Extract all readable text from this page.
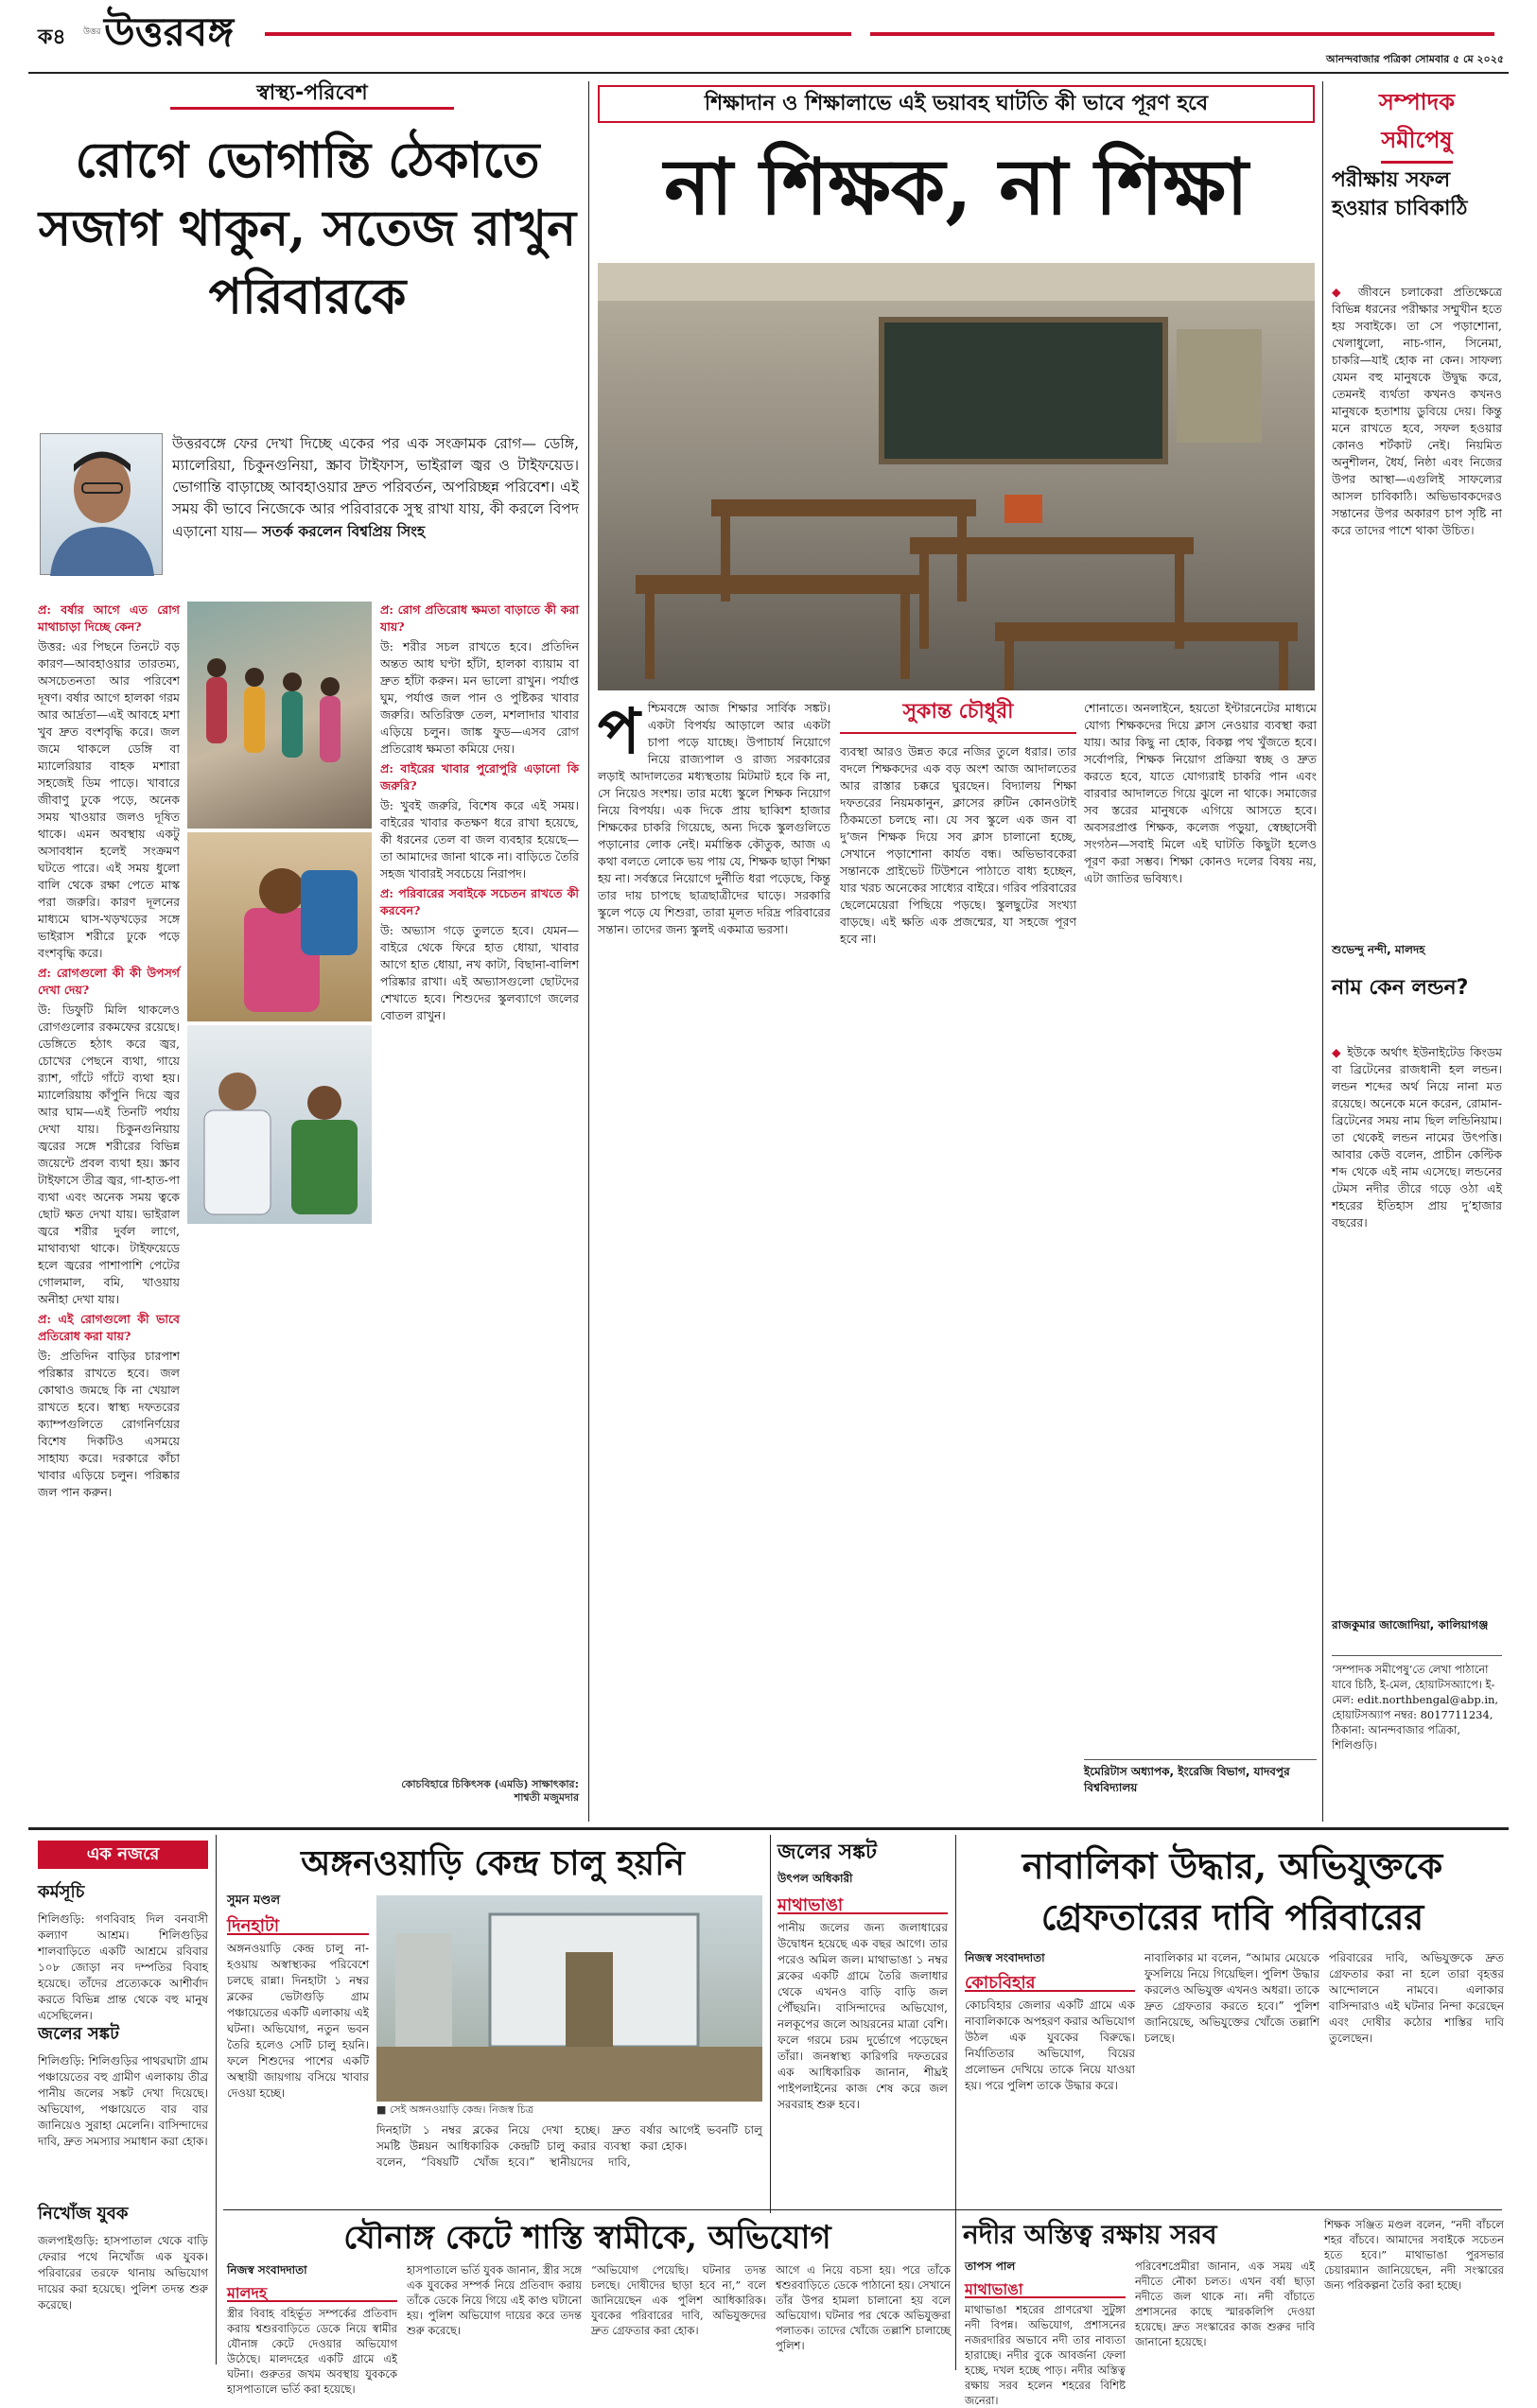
ক৪ উত্তর উত্তরবঙ্গ
আনন্দবাজার পত্রিকা সোমবার ৫ মে ২০২৫
স্বাস্থ্য-পরিবেশ
রোগে ভোগান্তি ঠেকাতে সজাগ থাকুন, সতেজ রাখুন পরিবারকে
উত্তরবঙ্গে ফের দেখা দিচ্ছে একের পর এক সংক্রামক রোগ— ডেঙ্গি, ম্যালেরিয়া, চিকুনগুনিয়া, স্ক্রাব টাইফাস, ভাইরাল জ্বর ও টাইফয়েড। ভোগান্তি বাড়াচ্ছে আবহাওয়ার দ্রুত পরিবর্তন, অপরিচ্ছন্ন পরিবেশ। এই সময় কী ভাবে নিজেকে আর পরিবারকে সুস্থ রাখা যায়, কী করলে বিপদ এড়ানো যায়— সতর্ক করলেন বিশ্বপ্রিয় সিংহ

প্র: বর্ষার আগে এত রোগ মাথাচাড়া দিচ্ছে কেন?

উত্তর: এর পিছনে তিনটে বড় কারণ—আবহাওয়ার তারতম্য, অসচেতনতা আর পরিবেশ দূষণ। বর্ষার আগে হালকা গরম আর আর্দ্রতা—এই আবহে মশা খুব দ্রুত বংশবৃদ্ধি করে। জল জমে থাকলে ডেঙ্গি বা ম্যালেরিয়ার বাহক মশারা সহজেই ডিম পাড়ে। খাবারে জীবাণু ঢুকে পড়ে, অনেক সময় খাওয়ার জলও দূষিত থাকে। এমন অবস্থায় একটু অসাবধান হলেই সংক্রমণ ঘটতে পারে। এই সময় ধুলো বালি থেকে রক্ষা পেতে মাস্ক পরা জরুরি। কারণ দূলনের মাধ্যমে ঘাস-খড়খড়ের সঙ্গে ভাইরাস শরীরে ঢুকে পড়ে বংশবৃদ্ধি করে।

প্র: রোগগুলো কী কী উপসর্গ দেখা দেয়?

উ: ডিফুটি মিলি থাকলেও রোগগুলোর রকমফের রয়েছে। ডেঙ্গিতে হঠাৎ করে জ্বর, চোখের পেছনে ব্যথা, গায়ে র‍্যাশ, গাঁটে গাঁটে ব্যথা হয়। ম্যালেরিয়ায় কাঁপুনি দিয়ে জ্বর আর ঘাম—এই তিনটি পর্যায় দেখা যায়। চিকুনগুনিয়ায় জ্বরের সঙ্গে শরীরের বিভিন্ন জয়েন্টে প্রবল ব্যথা হয়। স্ক্রাব টাইফাসে তীব্র জ্বর, গা-হাত-পা ব্যথা এবং অনেক সময় ত্বকে ছোট ক্ষত দেখা যায়। ভাইরাল জ্বরে শরীর দুর্বল লাগে, মাথাব্যথা থাকে। টাইফয়েডে হলে জ্বরের পাশাপাশি পেটের গোলমাল, বমি, খাওয়ায় অনীহা দেখা যায়।

প্র: এই রোগগুলো কী ভাবে প্রতিরোধ করা যায়?

উ: প্রতিদিন বাড়ির চারপাশ পরিষ্কার রাখতে হবে। জল কোথাও জমছে কি না খেয়াল রাখতে হবে। স্বাস্থ্য দফতরের ক্যাম্পগুলিতে রোগনির্ণয়ের বিশেষ দিকটিও এসময়ে সাহায্য করে। দরকারে কাঁচা খাবার এড়িয়ে চলুন। পরিষ্কার জল পান করুন।

প্র: রোগ প্রতিরোধ ক্ষমতা বাড়াতে কী করা যায়?

উ: শরীর সচল রাখতে হবে। প্রতিদিন অন্তত আধ ঘণ্টা হাঁটা, হালকা ব্যায়াম বা দ্রুত হাঁটা করুন। মন ভালো রাখুন। পর্যাপ্ত ঘুম, পর্যাপ্ত জল পান ও পুষ্টিকর খাবার জরুরি। অতিরিক্ত তেল, মশলাদার খাবার এড়িয়ে চলুন। জাঙ্ক ফুড—এসব রোগ প্রতিরোধ ক্ষমতা কমিয়ে দেয়।

প্র: বাইরের খাবার পুরোপুরি এড়ানো কি জরুরি?

উ: খুবই জরুরি, বিশেষ করে এই সময়। বাইরের খাবার কতক্ষণ ধরে রাখা হয়েছে, কী ধরনের তেল বা জল ব্যবহার হয়েছে—তা আমাদের জানা থাকে না। বাড়িতে তৈরি সহজ খাবারই সবচেয়ে নিরাপদ।

প্র: পরিবারের সবাইকে সচেতন রাখতে কী করবেন?

উ: অভ্যাস গড়ে তুলতে হবে। যেমন—বাইরে থেকে ফিরে হাত ধোয়া, খাবার আগে হাত ধোয়া, নখ কাটা, বিছানা-বালিশ পরিষ্কার রাখা। এই অভ্যাসগুলো ছোটদের শেখাতে হবে। শিশুদের স্কুলব্যাগে জলের বোতল রাখুন।

কোচবিহারে চিকিৎসক (এমডি) সাক্ষাৎকার: শাশ্বতী মজুমদার
শিক্ষাদান ও শিক্ষালাভে এই ভয়াবহ ঘাটতি কী ভাবে পূরণ হবে
না শিক্ষক, না শিক্ষা
প শ্চিমবঙ্গে আজ শিক্ষার সার্বিক সঙ্কট। একটা বিপর্যয় আড়ালে আর একটা চাপা পড়ে যাচ্ছে। উপাচার্য নিয়োগে নিয়ে রাজ্যপাল ও রাজ্য সরকারের লড়াই আদালতের মধ্যস্থতায় মিটমাট হবে কি না, সে নিয়েও সংশয়। তার মধ্যে স্কুলে শিক্ষক নিয়োগ নিয়ে বিপর্যয়। এক দিকে প্রায় ছাব্বিশ হাজার শিক্ষকের চাকরি গিয়েছে, অন্য দিকে স্কুলগুলিতে পড়ানোর লোক নেই। মর্মান্তিক কৌতুক, আজ এ কথা বলতে লোকে ভয় পায় যে, শিক্ষক ছাড়া শিক্ষা হয় না। সর্বস্তরে নিয়োগে দুর্নীতি ধরা পড়েছে, কিন্তু তার দায় চাপছে ছাত্রছাত্রীদের ঘাড়ে। সরকারি স্কুলে পড়ে যে শিশুরা, তারা মূলত দরিদ্র পরিবারের সন্তান। তাদের জন্য স্কুলই একমাত্র ভরসা।
সুকান্ত চৌধুরী
ব্যবস্থা আরও উন্নত করে নজির তুলে ধরার। তার বদলে শিক্ষকদের এক বড় অংশ আজ আদালতের আর রাস্তার চক্করে ঘুরছেন। বিদ্যালয় শিক্ষা দফতরের নিয়মকানুন, ক্লাসের রুটিন কোনওটাই ঠিকমতো চলছে না। যে সব স্কুলে এক জন বা দু’জন শিক্ষক দিয়ে সব ক্লাস চালানো হচ্ছে, সেখানে পড়াশোনা কার্যত বন্ধ। অভিভাবকেরা সন্তানকে প্রাইভেট টিউশনে পাঠাতে বাধ্য হচ্ছেন, যার খরচ অনেকের সাধ্যের বাইরে। গরিব পরিবারের ছেলেমেয়েরা পিছিয়ে পড়ছে। স্কুলছুটের সংখ্যা বাড়ছে। এই ক্ষতি এক প্রজন্মের, যা সহজে পূরণ হবে না।
শোনাতে। অনলাইনে, হয়তো ইন্টারনেটের মাধ্যমে যোগ্য শিক্ষকদের দিয়ে ক্লাস নেওয়ার ব্যবস্থা করা যায়। আর কিছু না হোক, বিকল্প পথ খুঁজতে হবে। সর্বোপরি, শিক্ষক নিয়োগ প্রক্রিয়া স্বচ্ছ ও দ্রুত করতে হবে, যাতে যোগ্যরাই চাকরি পান এবং বারবার আদালতে গিয়ে ঝুলে না থাকে। সমাজের সব স্তরের মানুষকে এগিয়ে আসতে হবে। অবসরপ্রাপ্ত শিক্ষক, কলেজ পড়ুয়া, স্বেচ্ছাসেবী সংগঠন—সবাই মিলে এই ঘাটতি কিছুটা হলেও পূরণ করা সম্ভব। শিক্ষা কোনও দলের বিষয় নয়, এটা জাতির ভবিষ্যৎ।
ইমেরিটাস অধ্যাপক, ইংরেজি বিভাগ, যাদবপুর বিশ্ববিদ্যালয়
সম্পাদক
সমীপেষু
পরীক্ষায় সফল হওয়ার চাবিকাঠি
◆ জীবনে চলাকেরা প্রতিক্ষেত্রে বিভিন্ন ধরনের পরীক্ষার সম্মুখীন হতে হয় সবাইকে। তা সে পড়াশোনা, খেলাধুলো, নাচ-গান, সিনেমা, চাকরি—যাই হোক না কেন। সাফল্য যেমন বহু মানুষকে উদ্বুদ্ধ করে, তেমনই ব্যর্থতা কখনও কখনও মানুষকে হতাশায় ডুবিয়ে দেয়। কিন্তু মনে রাখতে হবে, সফল হওয়ার কোনও শর্টকাট নেই। নিয়মিত অনুশীলন, ধৈর্য, নিষ্ঠা এবং নিজের উপর আস্থা—এগুলিই সাফল্যের আসল চাবিকাঠি। অভিভাবকদেরও সন্তানের উপর অকারণ চাপ সৃষ্টি না করে তাদের পাশে থাকা উচিত।
শুভেন্দু নন্দী, মালদহ
নাম কেন লন্ডন?
◆ ইউকে অর্থাৎ ইউনাইটেড কিংডম বা ব্রিটেনের রাজধানী হল লন্ডন। লন্ডন শব্দের অর্থ নিয়ে নানা মত রয়েছে। অনেকে মনে করেন, রোমান-ব্রিটেনের সময় নাম ছিল লন্ডিনিয়াম। তা থেকেই লন্ডন নামের উৎপত্তি। আবার কেউ বলেন, প্রাচীন কেল্টিক শব্দ থেকে এই নাম এসেছে। লন্ডনের টেমস নদীর তীরে গড়ে ওঠা এই শহরের ইতিহাস প্রায় দু’হাজার বছরের।
রাজকুমার জাজোদিয়া, কালিয়াগঞ্জ
‘সম্পাদক সমীপেষু’তে লেখা পাঠানো যাবে চিঠি, ই-মেল, হোয়াটসঅ্যাপে। ই-মেল: edit.northbengal@abp.in, হোয়াটসঅ্যাপ নম্বর: 8017711234, ঠিকানা: আনন্দবাজার পত্রিকা, শিলিগুড়ি।
এক নজরে
কর্মসূচি
শিলিগুড়ি: গণবিবাহ দিল বনবাসী কল্যাণ আশ্রম। শিলিগুড়ির শালবাড়িতে একটি আশ্রমে রবিবার ১০৮ জোড়া নব দম্পতির বিবাহ হয়েছে। তাঁদের প্রত্যেককে আশীর্বাদ করতে বিভিন্ন প্রান্ত থেকে বহু মানুষ এসেছিলেন।
জলের সঙ্কট
শিলিগুড়ি: শিলিগুড়ির পাথরঘাটা গ্রাম পঞ্চায়েতের বহু গ্রামীণ এলাকায় তীব্র পানীয় জলের সঙ্কট দেখা দিয়েছে। অভিযোগ, পঞ্চায়েতে বার বার জানিয়েও সুরাহা মেলেনি। বাসিন্দাদের দাবি, দ্রুত সমস্যার সমাধান করা হোক।
নিখোঁজ যুবক
জলপাইগুড়ি: হাসপাতাল থেকে বাড়ি ফেরার পথে নিখোঁজ এক যুবক। পরিবারের তরফে থানায় অভিযোগ দায়ের করা হয়েছে। পুলিশ তদন্ত শুরু করেছে।
অঙ্গনওয়াড়ি কেন্দ্র চালু হয়নি
সুমন মণ্ডল
দিনহাটা
অঙ্গনওয়াড়ি কেন্দ্র চালু না-হওয়ায় অস্বাস্থ্যকর পরিবেশে চলছে রান্না। দিনহাটা ১ নম্বর ব্লকের ভেটাগুড়ি গ্রাম পঞ্চায়েতের একটি এলাকায় এই ঘটনা। অভিযোগ, নতুন ভবন তৈরি হলেও সেটি চালু হয়নি। ফলে শিশুদের পাশের একটি অস্থায়ী জায়গায় বসিয়ে খাবার দেওয়া হচ্ছে।
■ সেই অঙ্গনওয়াড়ি কেন্দ্র। নিজস্ব চিত্র
দিনহাটা ১ নম্বর ব্লকের সমষ্টি উন্নয়ন আধিকারিক বলেন, “বিষয়টি খোঁজ নিয়ে দেখা হচ্ছে। দ্রুত কেন্দ্রটি চালু করার ব্যবস্থা হবে।” স্থানীয়দের দাবি, বর্ষার আগেই ভবনটি চালু করা হোক।
জলের সঙ্কট
উৎপল অধিকারী
মাথাভাঙা
পানীয় জলের জন্য জলাধারের উদ্বোধন হয়েছে এক বছর আগে। তার পরেও অমিল জল। মাথাভাঙা ১ নম্বর ব্লকের একটি গ্রামে তৈরি জলাধার থেকে এখনও বাড়ি বাড়ি জল পৌঁছয়নি। বাসিন্দাদের অভিযোগ, নলকূপের জলে আয়রনের মাত্রা বেশি। ফলে গরমে চরম দুর্ভোগে পড়েছেন তাঁরা। জনস্বাস্থ্য কারিগরি দফতরের এক আধিকারিক জানান, শীঘ্রই পাইপলাইনের কাজ শেষ করে জল সরবরাহ শুরু হবে।
নাবালিকা উদ্ধার, অভিযুক্তকে গ্রেফতারের দাবি পরিবারের
নিজস্ব সংবাদদাতা
কোচবিহার
কোচবিহার জেলার একটি গ্রামে এক নাবালিকাকে অপহরণ করার অভিযোগ উঠল এক যুবকের বিরুদ্ধে। নির্যাতিতার অভিযোগ, বিয়ের প্রলোভন দেখিয়ে তাকে নিয়ে যাওয়া হয়। পরে পুলিশ তাকে উদ্ধার করে।
নাবালিকার মা বলেন, “আমার মেয়েকে ফুসলিয়ে নিয়ে গিয়েছিল। পুলিশ উদ্ধার করলেও অভিযুক্ত এখনও অধরা। তাকে দ্রুত গ্রেফতার করতে হবে।” পুলিশ জানিয়েছে, অভিযুক্তের খোঁজে তল্লাশি চলছে।
পরিবারের দাবি, অভিযুক্তকে দ্রুত গ্রেফতার করা না হলে তারা বৃহত্তর আন্দোলনে নামবে। এলাকার বাসিন্দারাও এই ঘটনার নিন্দা করেছেন এবং দোষীর কঠোর শাস্তির দাবি তুলেছেন।
নদীর অস্তিত্ব রক্ষায় সরব
তাপস পাল
মাথাভাঙা
মাথাভাঙা শহরের প্রাণরেখা সুটুঙ্গা নদী বিপন্ন। অভিযোগ, প্রশাসনের নজরদারির অভাবে নদী তার নাব্যতা হারাচ্ছে। নদীর বুকে আবর্জনা ফেলা হচ্ছে, দখল হচ্ছে পাড়। নদীর অস্তিত্ব রক্ষায় সরব হলেন শহরের বিশিষ্ট জনেরা।
পরিবেশপ্রেমীরা জানান, এক সময় এই নদীতে নৌকা চলত। এখন বর্ষা ছাড়া নদীতে জল থাকে না। নদী বাঁচাতে প্রশাসনের কাছে স্মারকলিপি দেওয়া হয়েছে। দ্রুত সংস্কারের কাজ শুরুর দাবি জানানো হয়েছে।
শিক্ষক সঞ্জিত মণ্ডল বলেন, “নদী বাঁচলে শহর বাঁচবে। আমাদের সবাইকে সচেতন হতে হবে।” মাথাভাঙা পুরসভার চেয়ারম্যান জানিয়েছেন, নদী সংস্কারের জন্য পরিকল্পনা তৈরি করা হচ্ছে।
যৌনাঙ্গ কেটে শাস্তি স্বামীকে, অভিযোগ
নিজস্ব সংবাদদাতা
মালদহ
স্ত্রীর বিবাহ বহির্ভূত সম্পর্কের প্রতিবাদ করায় শ্বশুরবাড়িতে ডেকে নিয়ে স্বামীর যৌনাঙ্গ কেটে দেওয়ার অভিযোগ উঠেছে। মালদহের একটি গ্রামে এই ঘটনা। গুরুতর জখম অবস্থায় যুবককে হাসপাতালে ভর্তি করা হয়েছে।
হাসপাতালে ভর্তি যুবক জানান, স্ত্রীর সঙ্গে এক যুবকের সম্পর্ক নিয়ে প্রতিবাদ করায় তাঁকে ডেকে নিয়ে গিয়ে এই কাণ্ড ঘটানো হয়। পুলিশ অভিযোগ দায়ের করে তদন্ত শুরু করেছে।
“অভিযোগ পেয়েছি। ঘটনার তদন্ত চলছে। দোষীদের ছাড়া হবে না,” বলে জানিয়েছেন এক পুলিশ আধিকারিক। যুবকের পরিবারের দাবি, অভিযুক্তদের দ্রুত গ্রেফতার করা হোক।
আগে এ নিয়ে বচসা হয়। পরে তাঁকে শ্বশুরবাড়িতে ডেকে পাঠানো হয়। সেখানে তাঁর উপর হামলা চালানো হয় বলে অভিযোগ। ঘটনার পর থেকে অভিযুক্তরা পলাতক। তাদের খোঁজে তল্লাশি চালাচ্ছে পুলিশ।
